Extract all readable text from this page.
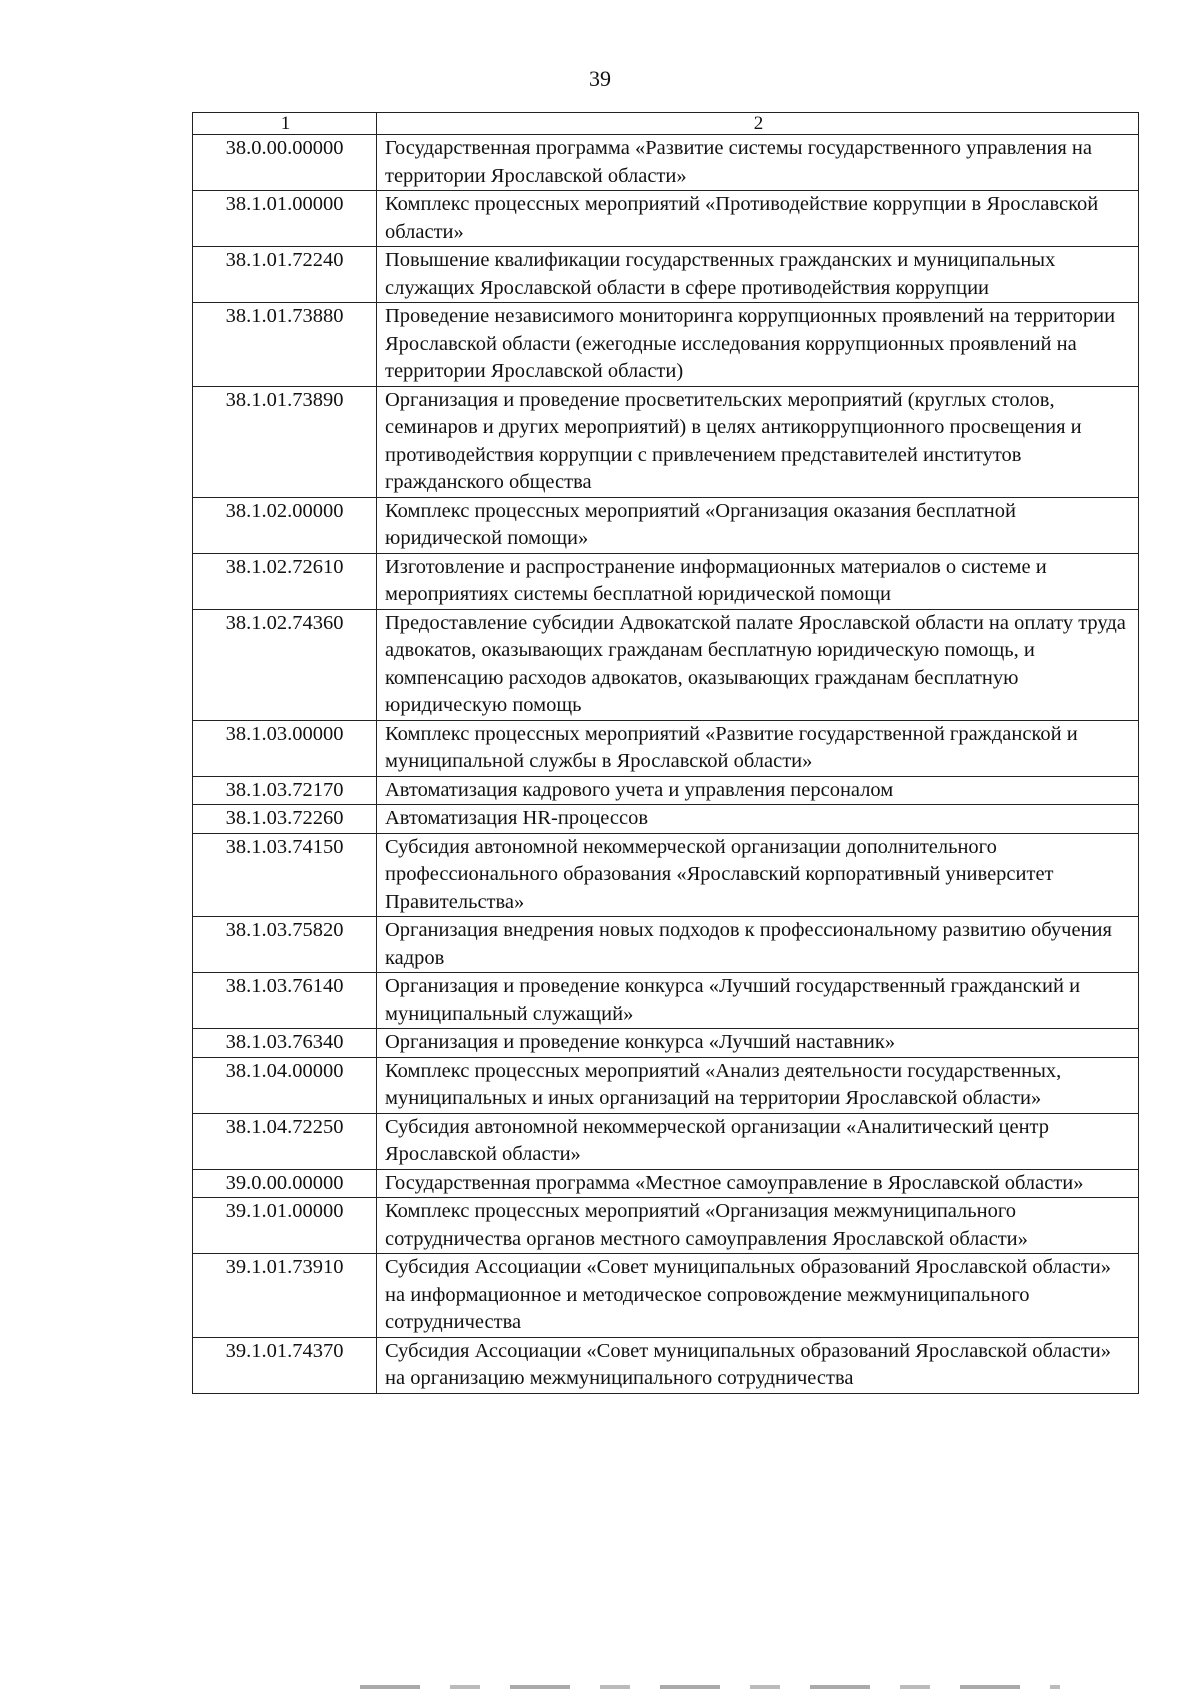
39
1	2
38.0.00.00000	Государственная программа «Развитие системы государственного управления на территории Ярославской области»
38.1.01.00000	Комплекс процессных мероприятий «Противодействие коррупции в Ярославской области»
38.1.01.72240	Повышение квалификации государственных гражданских и муниципальных служащих Ярославской области в сфере противодействия коррупции
38.1.01.73880	Проведение независимого мониторинга коррупционных проявлений на территории Ярославской области (ежегодные исследования коррупционных проявлений на территории Ярославской области)
38.1.01.73890	Организация и проведение просветительских мероприятий (круглых столов, семинаров и других мероприятий) в целях антикоррупционного просвещения и противодействия коррупции с привлечением представителей институтов гражданского общества
38.1.02.00000	Комплекс процессных мероприятий «Организация оказания бесплатной юридической помощи»
38.1.02.72610	Изготовление и распространение информационных материалов о системе и мероприятиях системы бесплатной юридической помощи
38.1.02.74360	Предоставление субсидии Адвокатской палате Ярославской области на оплату труда адвокатов, оказывающих гражданам бесплатную юридическую помощь, и компенсацию расходов адвокатов, оказывающих гражданам бесплатную юридическую помощь
38.1.03.00000	Комплекс процессных мероприятий «Развитие государственной гражданской и муниципальной службы в Ярославской области»
38.1.03.72170	Автоматизация кадрового учета и управления персоналом
38.1.03.72260	Автоматизация HR-процессов
38.1.03.74150	Субсидия автономной некоммерческой организации дополнительного профессионального образования «Ярославский корпоративный университет Правительства»
38.1.03.75820	Организация внедрения новых подходов к профессиональному развитию обучения кадров
38.1.03.76140	Организация и проведение конкурса «Лучший государственный гражданский и муниципальный служащий»
38.1.03.76340	Организация и проведение конкурса «Лучший наставник»
38.1.04.00000	Комплекс процессных мероприятий «Анализ деятельности государственных, муниципальных и иных организаций на территории Ярославской области»
38.1.04.72250	Субсидия автономной некоммерческой организации «Аналитический центр Ярославской области»
39.0.00.00000	Государственная программа «Местное самоуправление в Ярославской области»
39.1.01.00000	Комплекс процессных мероприятий «Организация межмуниципального сотрудничества органов местного самоуправления Ярославской области»
39.1.01.73910	Субсидия Ассоциации «Совет муниципальных образований Ярославской области» на информационное и методическое сопровождение межмуниципального сотрудничества
39.1.01.74370	Субсидия Ассоциации «Совет муниципальных образований Ярославской области» на организацию межмуниципального сотрудничества
